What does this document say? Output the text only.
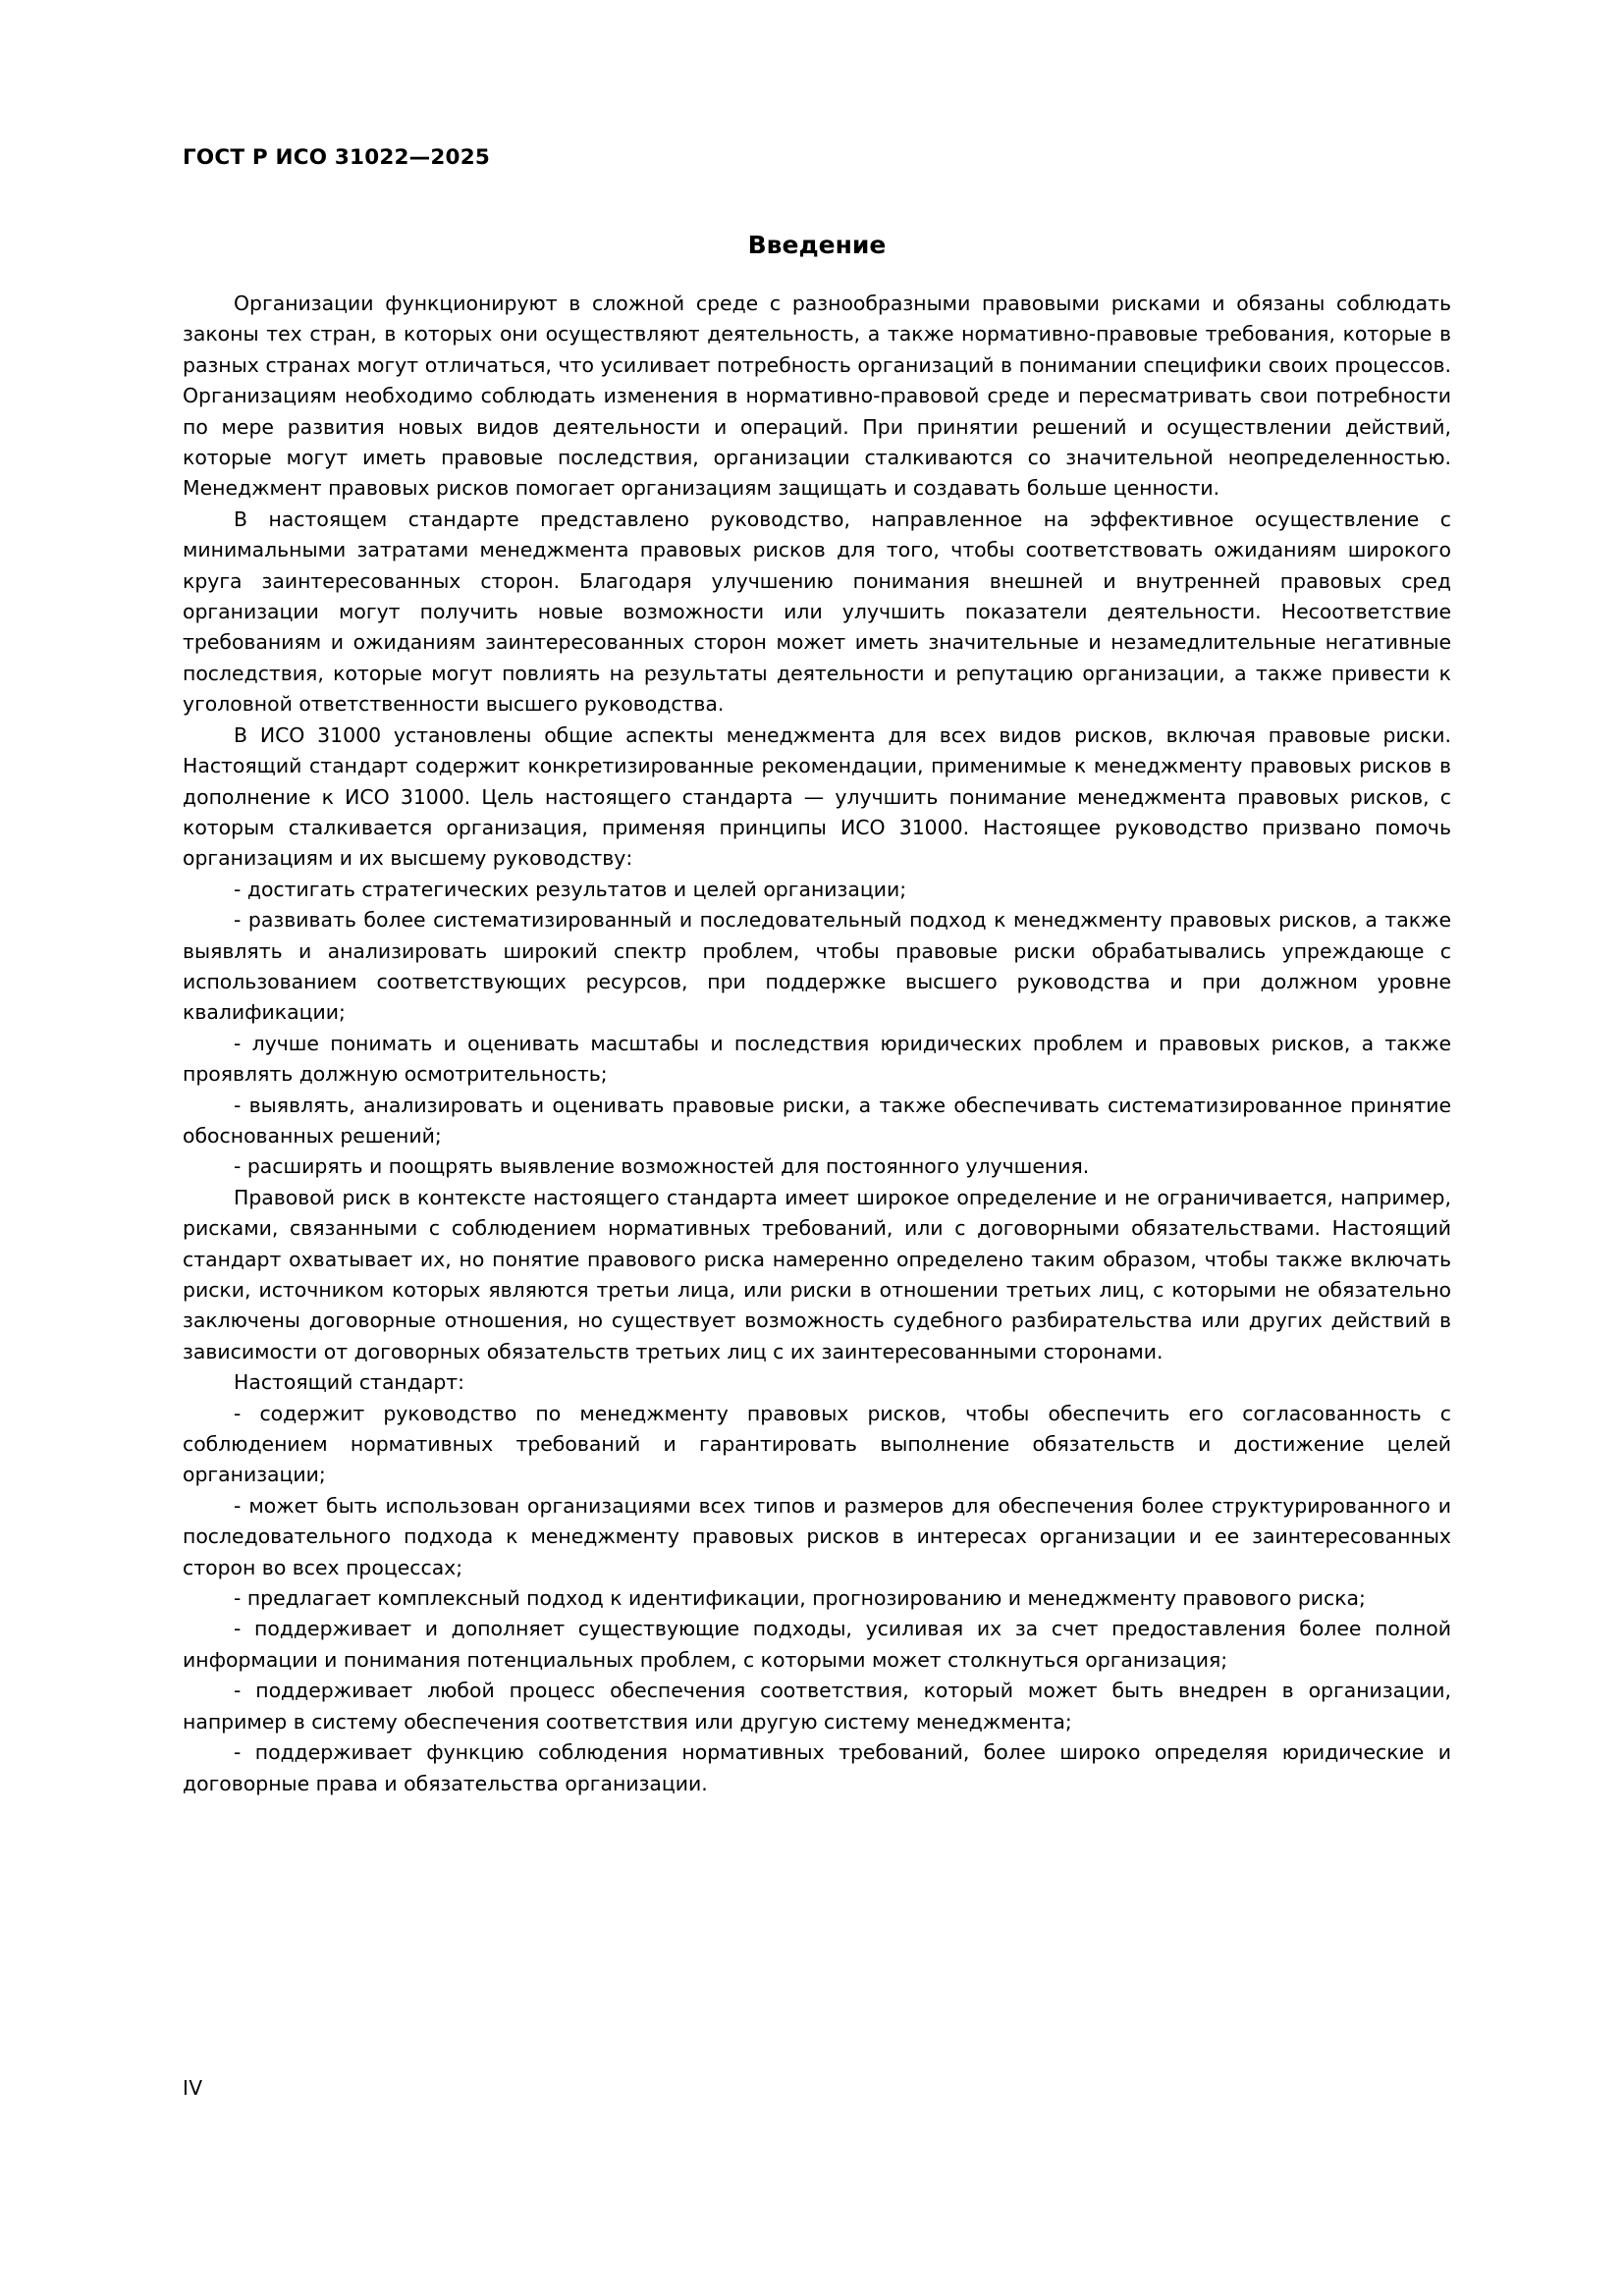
ГОСТ Р ИСО 31022—2025
Введение

Организации функционируют в сложной среде с разнообразными правовыми рисками и обязаны соблюдать законы тех стран, в которых они осуществляют деятельность, а также нормативно-правовые требования, которые в разных странах могут отличаться, что усиливает потребность организаций в понимании специфики своих процессов. Организациям необходимо соблюдать изменения в нормативно-правовой среде и пересматривать свои потребности по мере развития новых видов деятельности и операций. При принятии решений и осуществлении действий, которые могут иметь правовые последствия, организации сталкиваются со значительной неопределенностью. Менеджмент правовых рисков помогает организациям защищать и создавать больше ценности.

В настоящем стандарте представлено руководство, направленное на эффективное осуществление с минимальными затратами менеджмента правовых рисков для того, чтобы соответствовать ожиданиям широкого круга заинтересованных сторон. Благодаря улучшению понимания внешней и внутренней правовых сред организации могут получить новые возможности или улучшить показатели деятельности. Несоответствие требованиям и ожиданиям заинтересованных сторон может иметь значительные и незамедлительные негативные последствия, которые могут повлиять на результаты деятельности и репутацию организации, а также привести к уголовной ответственности высшего руководства.

В ИСО 31000 установлены общие аспекты менеджмента для всех видов рисков, включая правовые риски. Настоящий стандарт содержит конкретизированные рекомендации, применимые к менеджменту правовых рисков в дополнение к ИСО 31000. Цель настоящего стандарта — улучшить понимание менеджмента правовых рисков, с которым сталкивается организация, применяя принципы ИСО 31000. Настоящее руководство призвано помочь организациям и их высшему руководству:

- достигать стратегических результатов и целей организации;

- развивать более систематизированный и последовательный подход к менеджменту правовых рисков, а также выявлять и анализировать широкий спектр проблем, чтобы правовые риски обрабатывались упреждающе с использованием соответствующих ресурсов, при поддержке высшего руководства и при должном уровне квалификации;

- лучше понимать и оценивать масштабы и последствия юридических проблем и правовых рисков, а также проявлять должную осмотрительность;

- выявлять, анализировать и оценивать правовые риски, а также обеспечивать систематизированное принятие обоснованных решений;

- расширять и поощрять выявление возможностей для постоянного улучшения.

Правовой риск в контексте настоящего стандарта имеет широкое определение и не ограничивается, например, рисками, связанными с соблюдением нормативных требований, или с договорными обязательствами. Настоящий стандарт охватывает их, но понятие правового риска намеренно определено таким образом, чтобы также включать риски, источником которых являются третьи лица, или риски в отношении третьих лиц, с которыми не обязательно заключены договорные отношения, но существует возможность судебного разбирательства или других действий в зависимости от договорных обязательств третьих лиц с их заинтересованными сторонами.

Настоящий стандарт:

- содержит руководство по менеджменту правовых рисков, чтобы обеспечить его согласованность с соблюдением нормативных требований и гарантировать выполнение обязательств и достижение целей организации;

- может быть использован организациями всех типов и размеров для обеспечения более структурированного и последовательного подхода к менеджменту правовых рисков в интересах организации и ее заинтересованных сторон во всех процессах;

- предлагает комплексный подход к идентификации, прогнозированию и менеджменту правового риска;

- поддерживает и дополняет существующие подходы, усиливая их за счет предоставления более полной информации и понимания потенциальных проблем, с которыми может столкнуться организация;

- поддерживает любой процесс обеспечения соответствия, который может быть внедрен в организации, например в систему обеспечения соответствия или другую систему менеджмента;

- поддерживает функцию соблюдения нормативных требований, более широко определяя юридические и договорные права и обязательства организации.

IV
